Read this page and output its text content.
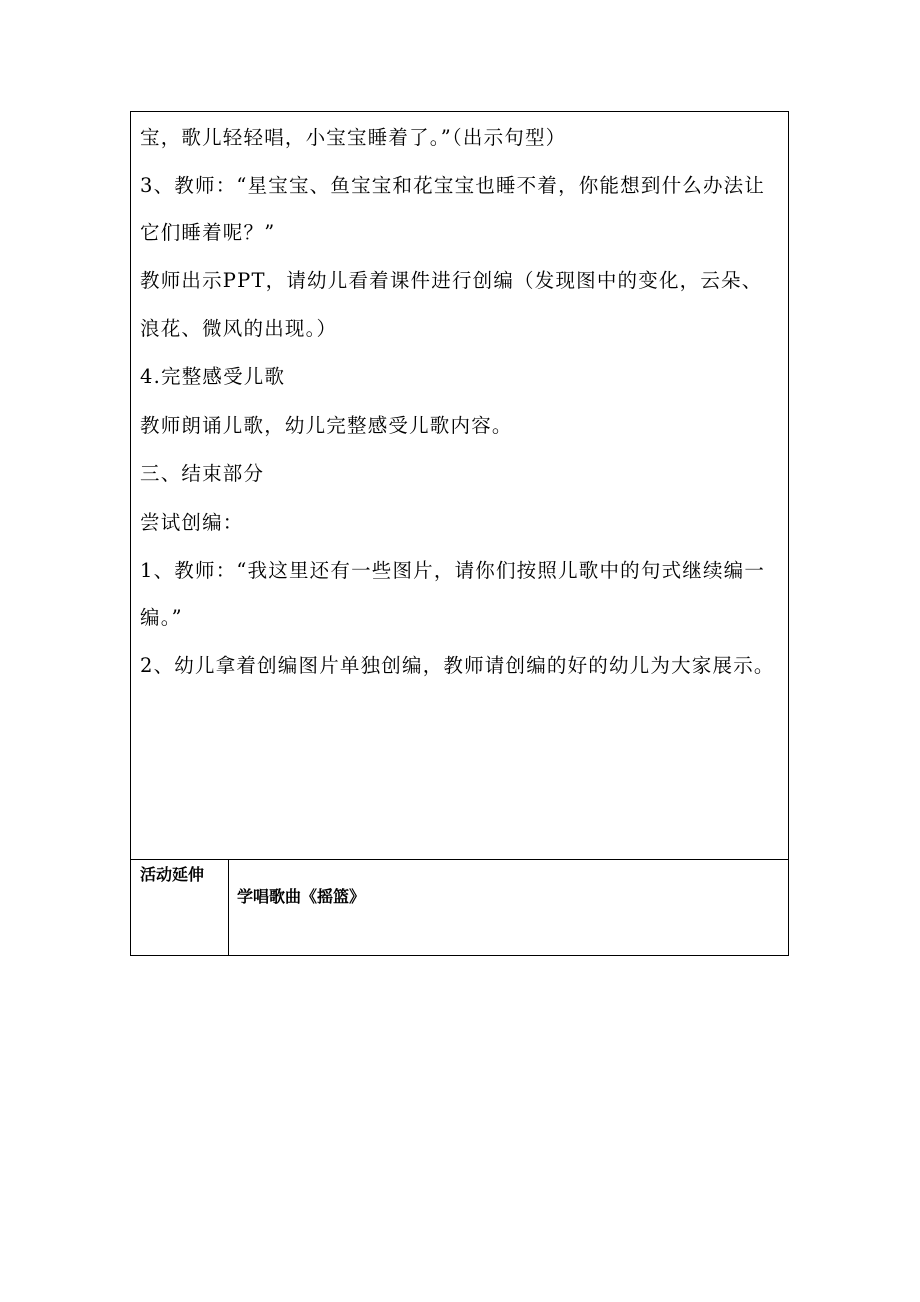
宝，歌儿轻轻唱，小宝宝睡着了。”（出示句型）

3、教师：“星宝宝、鱼宝宝和花宝宝也睡不着，你能想到什么办法让

它们睡着呢？”

教师出示PPT，请幼儿看着课件进行创编（发现图中的变化，云朵、

浪花、微风的出现。）

4.完整感受儿歌

教师朗诵儿歌，幼儿完整感受儿歌内容。

三、结束部分

尝试创编：

1、教师：“我这里还有一些图片，请你们按照儿歌中的句式继续编一

编。”

2、幼儿拿着创编图片单独创编，教师请创编的好的幼儿为大家展示。

活动延伸
学唱歌曲《摇篮》
